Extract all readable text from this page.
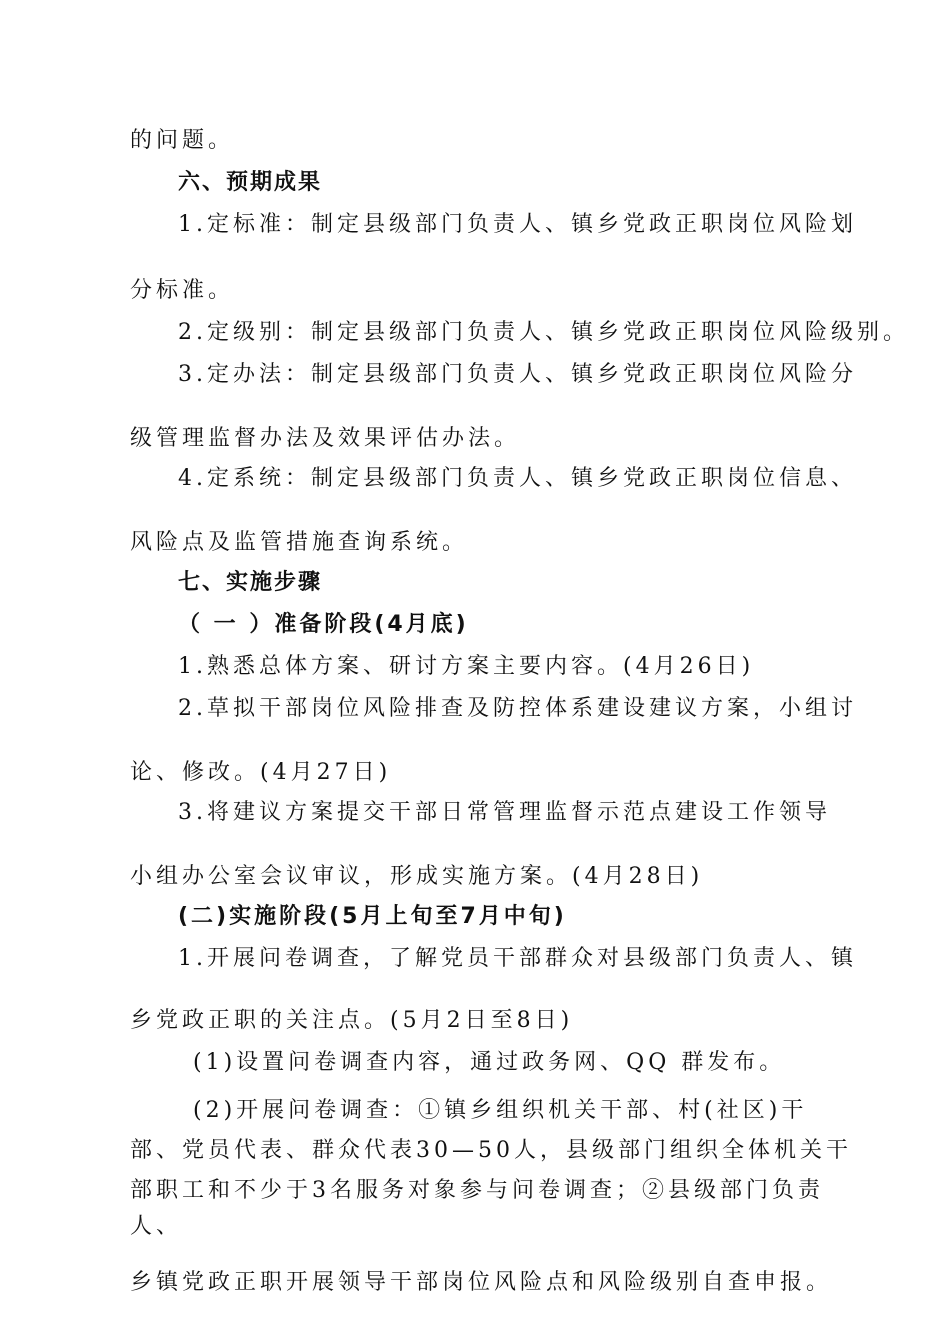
的问题。
六、预期成果
1.定标准：制定县级部门负责人、镇乡党政正职岗位风险划
分标准。
2.定级别：制定县级部门负责人、镇乡党政正职岗位风险级别。
3.定办法：制定县级部门负责人、镇乡党政正职岗位风险分
级管理监督办法及效果评估办法。
4.定系统：制定县级部门负责人、镇乡党政正职岗位信息、
风险点及监管措施查询系统。
七、实施步骤
（ 一 ）准备阶段(4月底)
1.熟悉总体方案、研讨方案主要内容。(4月26日)
2.草拟干部岗位风险排查及防控体系建设建议方案，小组讨
论、修改。(4月27日)
3.将建议方案提交干部日常管理监督示范点建设工作领导
小组办公室会议审议，形成实施方案。(4月28日)
(二)实施阶段(5月上旬至7月中旬)
1.开展问卷调查，了解党员干部群众对县级部门负责人、镇
乡党政正职的关注点。(5月2日至8日)
(1)设置问卷调查内容，通过政务网、QQ 群发布。
(2)开展问卷调查：①镇乡组织机关干部、村(社区)干
部、党员代表、群众代表30—50人，县级部门组织全体机关干
部职工和不少于3名服务对象参与问卷调查；②县级部门负责
人、
乡镇党政正职开展领导干部岗位风险点和风险级别自查申报。
